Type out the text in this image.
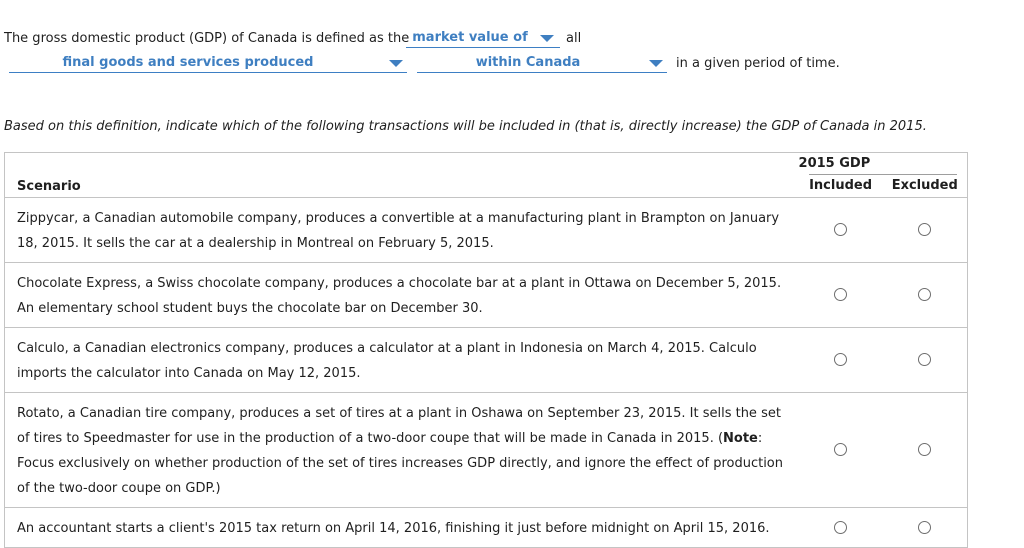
The gross domestic product (GDP) of Canada is defined as the market value of	all
final goods and services produced	within Canada	in a given period of time.
Based on this definition, indicate which of the following transactions will be included in (that is, directly increase) the GDP of Canada in 2015.
Scenario	2015 GDP	

	Included	Excluded
Zippycar, a Canadian automobile company, produces a convertible at a manufacturing plant in Brampton on January 18, 2015. It sells the car at a dealership in Montreal on February 5, 2015.		
Chocolate Express, a Swiss chocolate company, produces a chocolate bar at a plant in Ottawa on December 5, 2015. An elementary school student buys the chocolate bar on December 30.		
Calculo, a Canadian electronics company, produces a calculator at a plant in Indonesia on March 4, 2015. Calculo imports the calculator into Canada on May 12, 2015.		
Rotato, a Canadian tire company, produces a set of tires at a plant in Oshawa on September 23, 2015. It sells the set of tires to Speedmaster for use in the production of a two-door coupe that will be made in Canada in 2015. (Note: Focus exclusively on whether production of the set of tires increases GDP directly, and ignore the effect of production of the two-door coupe on GDP.)		
An accountant starts a client's 2015 tax return on April 14, 2016, finishing it just before midnight on April 15, 2016.		
